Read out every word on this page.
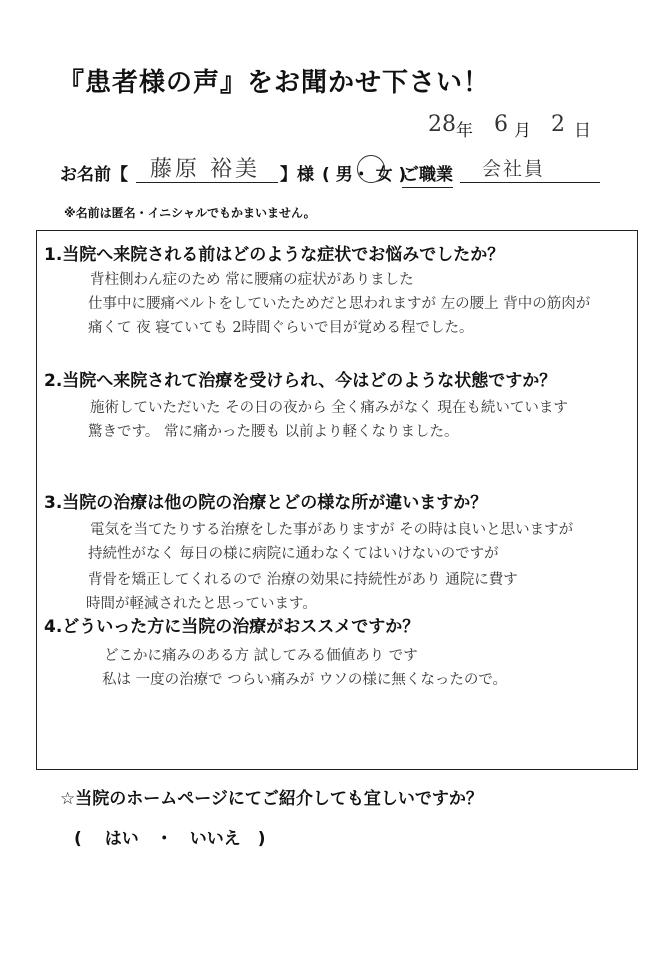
『患者様の声』をお聞かせ下さい！
28 年 6 月 2 日
お名前【 藤原 裕美 】様 ( 男・ 女 )
ご職業 会社員
※名前は匿名・イニシャルでもかまいません。
1.当院へ来院される前はどのような症状でお悩みでしたか？
背柱側わん症のため 常に腰痛の症状がありました
仕事中に腰痛ベルトをしていたためだと思われますが 左の腰上 背中の筋肉が
痛くて 夜 寝ていても 2時間ぐらいで目が覚める程でした。
2.当院へ来院されて治療を受けられ、今はどのような状態ですか？
施術していただいた その日の夜から 全く痛みがなく 現在も続いています
驚きです。 常に痛かった腰も 以前より軽くなりました。
3.当院の治療は他の院の治療とどの様な所が違いますか？
電気を当てたりする治療をした事がありますが その時は良いと思いますが
持続性がなく 毎日の様に病院に通わなくてはいけないのですが
背骨を矯正してくれるので 治療の効果に持続性があり 通院に費す
時間が軽減されたと思っています。
4.どういった方に当院の治療がおススメですか？
どこかに痛みのある方 試してみる価値あり です
私は 一度の治療で つらい痛みが ウソの様に無くなったので。
☆当院のホームページにてご紹介しても宜しいですか？
(　 はい　・　いいえ　)
